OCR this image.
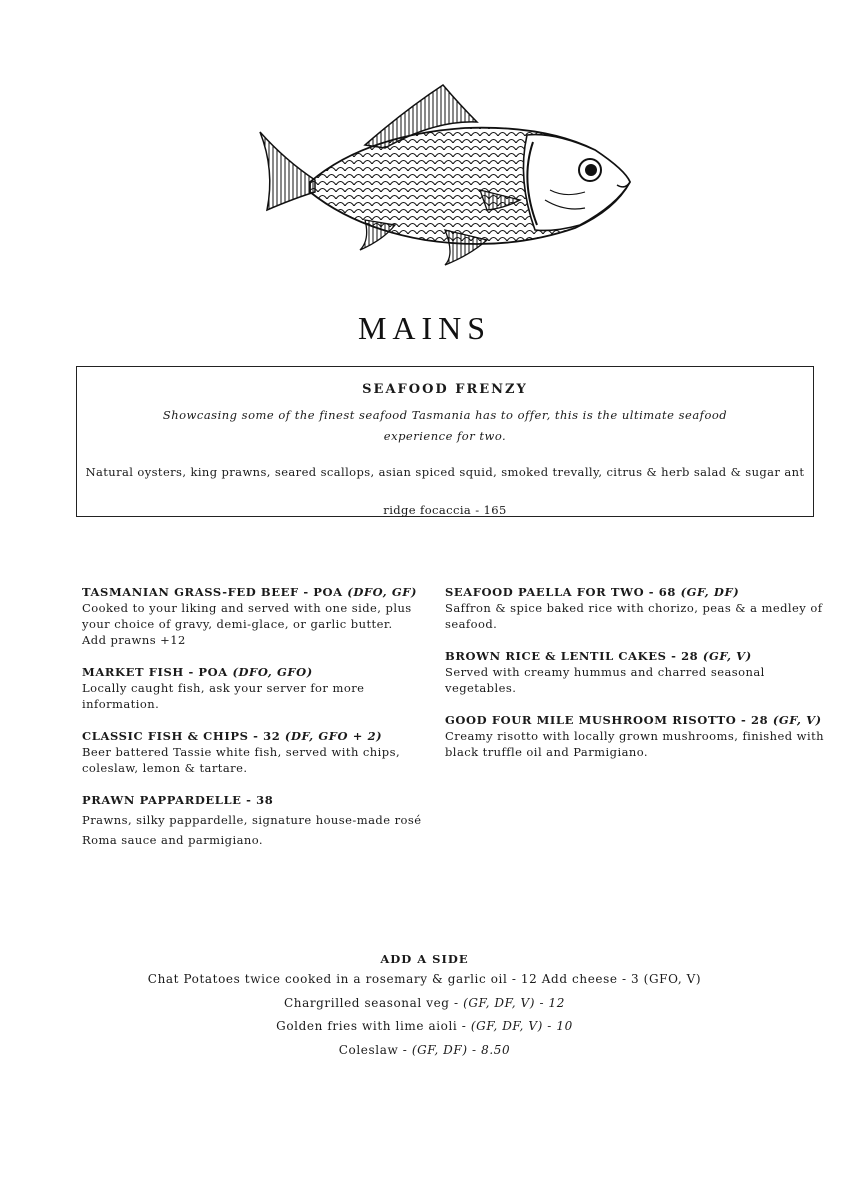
MAINS
SEAFOOD FRENZY
Showcasing some of the finest seafood Tasmania has to offer, this is the ultimate seafood experience for two.
Natural oysters, king prawns, seared scallops, asian spiced squid, smoked trevally, citrus & herb salad & sugar ant ridge focaccia - 165
TASMANIAN GRASS-FED BEEF - POA (DFO, GF)
Cooked to your liking and served with one side, plus your choice of gravy, demi-glace, or garlic butter.
Add prawns +12
MARKET FISH - POA (DFO, GFO)
Locally caught fish, ask your server for more information.
CLASSIC FISH & CHIPS - 32 (DF, GFO + 2)
Beer battered Tassie white fish, served with chips, coleslaw, lemon & tartare.
PRAWN PAPPARDELLE - 38
Prawns, silky pappardelle, signature house-made rosé Roma sauce and parmigiano.
SEAFOOD PAELLA FOR TWO - 68 (GF, DF)
Saffron & spice baked rice with chorizo, peas & a medley of seafood.
BROWN RICE & LENTIL CAKES - 28 (GF, V)
Served with creamy hummus and charred seasonal vegetables.
GOOD FOUR MILE MUSHROOM RISOTTO - 28 (GF, V)
Creamy risotto with locally grown mushrooms, finished with black truffle oil and Parmigiano.
ADD A SIDE
Chat Potatoes twice cooked in a rosemary & garlic oil - 12 Add cheese - 3 (GFO, V)
Chargrilled seasonal veg - (GF, DF, V) - 12
Golden fries with lime aioli - (GF, DF, V) - 10
Coleslaw - (GF, DF) - 8.50
